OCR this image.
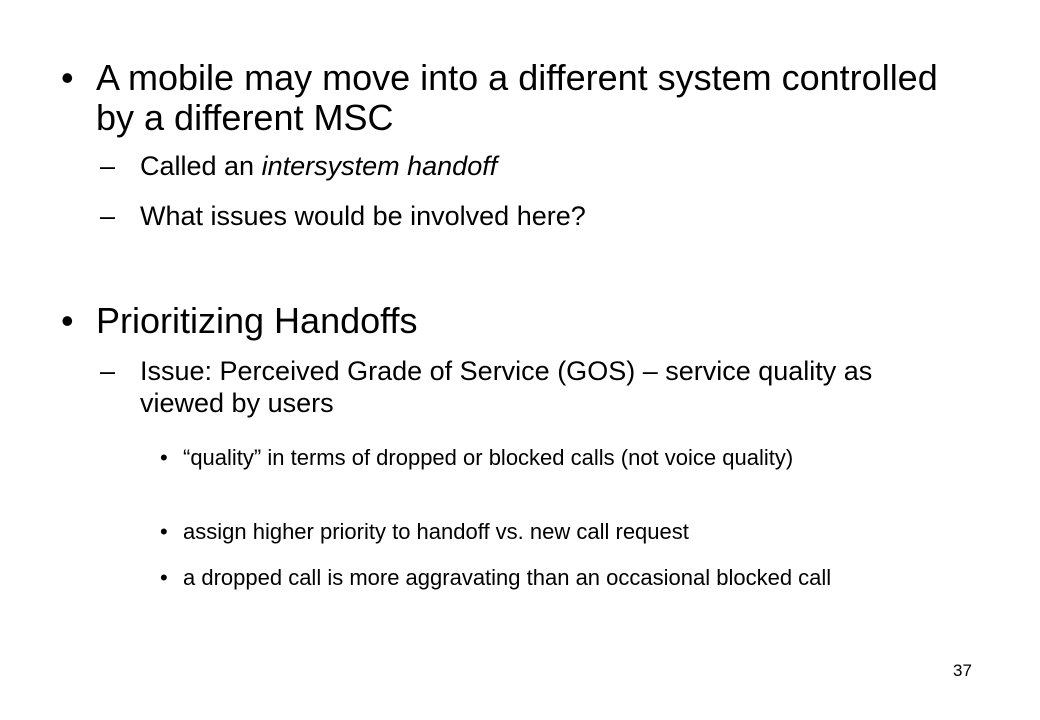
• A mobile may move into a different system controlled by a different MSC
– Called an intersystem handoff
– What issues would be involved here?
• Prioritizing Handoffs
– Issue: Perceived Grade of Service (GOS) – service quality as viewed by users
• “quality” in terms of dropped or blocked calls (not voice quality)
• assign higher priority to handoff vs. new call request
• a dropped call is more aggravating than an occasional blocked call
37
